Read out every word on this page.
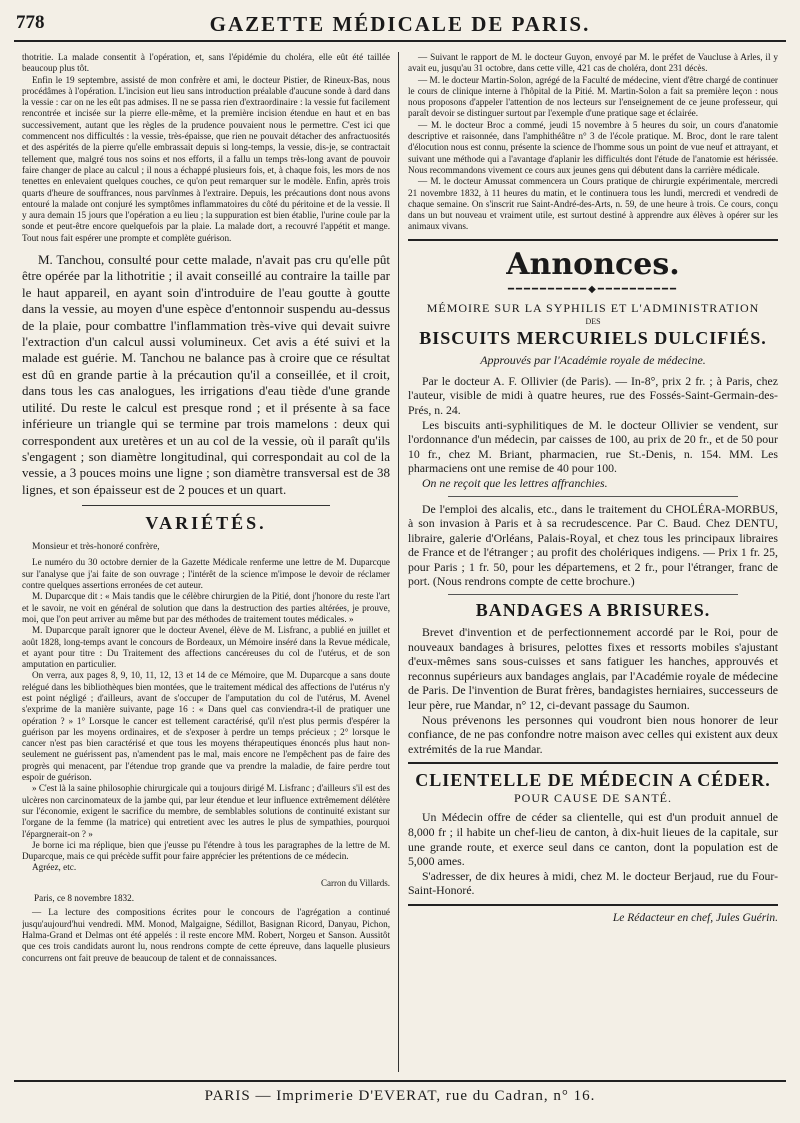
778	GAZETTE MÉDICALE DE PARIS.

thotritie. La malade consentit à l'opération, et, sans l'épidémie du choléra, elle eût été taillée beaucoup plus tôt.

Enfin le 19 septembre, assisté de mon confrère et ami, le docteur Pistier, de Rineux-Bas, nous procédâmes à l'opération. L'incision eut lieu sans introduction préalable d'aucune sonde à dard dans la vessie : car on ne les eût pas admises. Il ne se passa rien d'extraordinaire : la vessie fut facilement rencontrée et incisée sur la pierre elle-même, et la première incision étendue en haut et en bas successivement, autant que les règles de la prudence pouvaient nous le permettre. C'est ici que commencent nos difficultés : la vessie, très-épaisse, que rien ne pouvait détacher des anfractuosités et des aspérités de la pierre qu'elle embrassait depuis si long-temps, la vessie, dis-je, se contractait tellement que, malgré tous nos soins et nos efforts, il a fallu un temps très-long avant de pouvoir faire changer de place au calcul ; il nous a échappé plusieurs fois, et, à chaque fois, les mors de nos tenettes en enlevaient quelques couches, ce qu'on peut remarquer sur le modèle. Enfin, après trois quarts d'heure de souffrances, nous parvînmes à l'extraire. Depuis, les précautions dont nous avons entouré la malade ont conjuré les symptômes inflammatoires du côté du péritoine et de la vessie. Il y aura demain 15 jours que l'opération a eu lieu ; la suppuration est bien établie, l'urine coule par la sonde et peut-être encore quelquefois par la plaie. La malade dort, a recouvré l'appétit et mange. Tout nous fait espérer une prompte et complète guérison.

M. Tanchou, consulté pour cette malade, n'avait pas cru qu'elle pût être opérée par la lithotritie ; il avait conseillé au contraire la taille par le haut appareil, en ayant soin d'introduire de l'eau goutte à goutte dans la vessie, au moyen d'une espèce d'entonnoir suspendu au-dessus de la plaie, pour combattre l'inflammation très-vive qui devait suivre l'extraction d'un calcul aussi volumineux. Cet avis a été suivi et la malade est guérie. M. Tanchou ne balance pas à croire que ce résultat est dû en grande partie à la précaution qu'il a conseillée, et il croit, dans tous les cas analogues, les irrigations d'eau tiède d'une grande utilité. Du reste le calcul est presque rond ; et il présente à sa face inférieure un triangle qui se termine par trois mamelons : deux qui correspondent aux uretères et un au col de la vessie, où il paraît qu'ils s'engagent ; son diamètre longitudinal, qui correspondait au col de la vessie, a 3 pouces moins une ligne ; son diamètre transversal est de 38 lignes, et son épaisseur est de 2 pouces et un quart.

VARIÉTÉS.

Monsieur et très-honoré confrère,

Le numéro du 30 octobre dernier de la Gazette Médicale renferme une lettre de M. Duparcque sur l'analyse que j'ai faite de son ouvrage ; l'intérêt de la science m'impose le devoir de réclamer contre quelques assertions erronées de cet auteur.

M. Duparcque dit : « Mais tandis que le célèbre chirurgien de la Pitié, dont j'honore du reste l'art et le savoir, ne voit en général de solution que dans la destruction des parties altérées, je prouve, moi, que l'on peut arriver au même but par des méthodes de traitement toutes médicales. »

M. Duparcque paraît ignorer que le docteur Avenel, élève de M. Lisfranc, a publié en juillet et août 1828, long-temps avant le concours de Bordeaux, un Mémoire inséré dans la Revue médicale, et ayant pour titre : Du Traitement des affections cancéreuses du col de l'utérus, et de son amputation en particulier.

On verra, aux pages 8, 9, 10, 11, 12, 13 et 14 de ce Mémoire, que M. Duparcque a sans doute relégué dans les bibliothèques bien montées, que le traitement médical des affections de l'utérus n'y est point négligé ; d'ailleurs, avant de s'occuper de l'amputation du col de l'utérus, M. Avenel s'exprime de la manière suivante, page 16 : « Dans quel cas conviendra-t-il de pratiquer une opération ? » 1° Lorsque le cancer est tellement caractérisé, qu'il n'est plus permis d'espérer la guérison par les moyens ordinaires, et de s'exposer à perdre un temps précieux ; 2° lorsque le cancer n'est pas bien caractérisé et que tous les moyens thérapeutiques énoncés plus haut non-seulement ne guérissent pas, n'amendent pas le mal, mais encore ne l'empêchent pas de faire des progrès qui menacent, par l'étendue trop grande que va prendre la maladie, de faire perdre tout espoir de guérison.

» C'est là la saine philosophie chirurgicale qui a toujours dirigé M. Lisfranc ; d'ailleurs s'il est des ulcères non carcinomateux de la jambe qui, par leur étendue et leur influence extrêmement délétère sur l'économie, exigent le sacrifice du membre, de semblables solutions de continuité existant sur l'organe de la femme (la matrice) qui entretient avec les autres le plus de sympathies, pourquoi l'épargnerait-on ? »

Je borne ici ma réplique, bien que j'eusse pu l'étendre à tous les paragraphes de la lettre de M. Duparcque, mais ce qui précède suffit pour faire apprécier les prétentions de ce médecin.

Agréez, etc.

Carron du Villards.
Paris, ce 8 novembre 1832.

— La lecture des compositions écrites pour le concours de l'agrégation a continué jusqu'aujourd'hui vendredi. MM. Monod, Malgaigne, Sédillot, Basignan Ricord, Danyau, Pichon, Halma-Grand et Delmas ont été appelés : il reste encore MM. Robert, Norgeu et Sanson. Aussitôt que ces trois candidats auront lu, nous rendrons compte de cette épreuve, dans laquelle plusieurs concurrens ont fait preuve de beaucoup de talent et de connaissances.

— Suivant le rapport de M. le docteur Guyon, envoyé par M. le préfet de Vaucluse à Arles, il y avait eu, jusqu'au 31 octobre, dans cette ville, 421 cas de choléra, dont 231 décès.

— M. le docteur Martin-Solon, agrégé de la Faculté de médecine, vient d'être chargé de continuer le cours de clinique interne à l'hôpital de la Pitié. M. Martin-Solon a fait sa première leçon : nous nous proposons d'appeler l'attention de nos lecteurs sur l'enseignement de ce jeune professeur, qui paraît devoir se distinguer surtout par l'exemple d'une pratique sage et éclairée.

— M. le docteur Broc a commé, jeudi 15 novembre à 5 heures du soir, un cours d'anatomie descriptive et raisonnée, dans l'amphithéâtre n° 3 de l'école pratique. M. Broc, dont le rare talent d'élocution nous est connu, présente la science de l'homme sous un point de vue neuf et attrayant, et suivant une méthode qui a l'avantage d'aplanir les difficultés dont l'étude de l'anatomie est hérissée. Nous recommandons vivement ce cours aux jeunes gens qui débutent dans la carrière médicale.

— M. le docteur Amussat commencera un Cours pratique de chirurgie expérimentale, mercredi 21 novembre 1832, à 11 heures du matin, et le continuera tous les lundi, mercredi et vendredi de chaque semaine. On s'inscrit rue Saint-André-des-Arts, n. 59, de une heure à trois. Ce cours, conçu dans un but nouveau et vraiment utile, est surtout destiné à apprendre aux élèves à opérer sur les animaux vivans.

Annonces.
━━━━━━━━━━◆━━━━━━━━━━
MÉMOIRE SUR LA SYPHILIS ET L'ADMINISTRATION
DES
BISCUITS MERCURIELS DULCIFIÉS.
Approuvés par l'Académie royale de médecine.

Par le docteur A. F. Ollivier (de Paris). — In-8°, prix 2 fr. ; à Paris, chez l'auteur, visible de midi à quatre heures, rue des Fossés-Saint-Germain-des-Prés, n. 24.

Les biscuits anti-syphilitiques de M. le docteur Ollivier se vendent, sur l'ordonnance d'un médecin, par caisses de 100, au prix de 20 fr., et de 50 pour 10 fr., chez M. Briant, pharmacien, rue St.-Denis, n. 154. MM. Les pharmaciens ont une remise de 40 pour 100.

On ne reçoit que les lettres affranchies.

De l'emploi des alcalis, etc., dans le traitement du CHOLÉRA-MORBUS, à son invasion à Paris et à sa recrudescence. Par C. Baud. Chez DENTU, libraire, galerie d'Orléans, Palais-Royal, et chez tous les principaux libraires de France et de l'étranger ; au profit des cholériques indigens. — Prix 1 fr. 25, pour Paris ; 1 fr. 50, pour les départemens, et 2 fr., pour l'étranger, franc de port. (Nous rendrons compte de cette brochure.)

BANDAGES A BRISURES.

Brevet d'invention et de perfectionnement accordé par le Roi, pour de nouveaux bandages à brisures, pelottes fixes et ressorts mobiles s'ajustant d'eux-mêmes sans sous-cuisses et sans fatiguer les hanches, approuvés et reconnus supérieurs aux bandages anglais, par l'Académie royale de médecine de Paris. De l'invention de Burat frères, bandagistes herniaires, successeurs de leur père, rue Mandar, n° 12, ci-devant passage du Saumon.

Nous prévenons les personnes qui voudront bien nous honorer de leur confiance, de ne pas confondre notre maison avec celles qui existent aux deux extrémités de la rue Mandar.

CLIENTELLE DE MÉDECIN A CÉDER.
POUR CAUSE DE SANTÉ.

Un Médecin offre de céder sa clientelle, qui est d'un produit annuel de 8,000 fr ; il habite un chef-lieu de canton, à dix-huit lieues de la capitale, sur une grande route, et exerce seul dans ce canton, dont la population est de 5,000 ames.

S'adresser, de dix heures à midi, chez M. le docteur Berjaud, rue du Four-Saint-Honoré.

Le Rédacteur en chef, Jules Guérin.
PARIS — Imprimerie D'EVERAT, rue du Cadran, n° 16.
